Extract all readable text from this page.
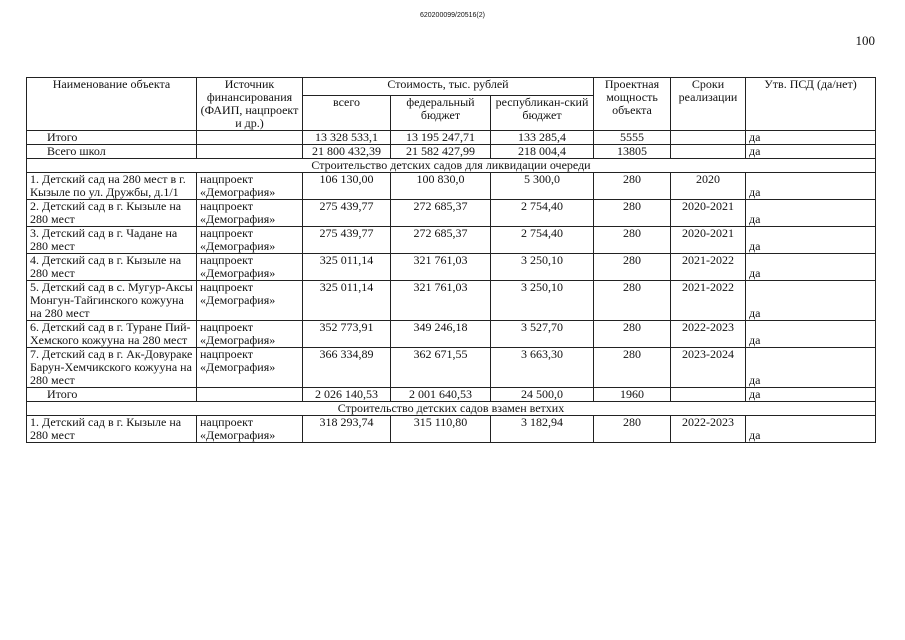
620200099/20516(2)
100
Наименование объекта	Источник финансирования (ФАИП, нацпроект и др.)	Стоимость, тыс. рублей			Проектная мощность объекта	Сроки реализации	Утв. ПСД (да/нет)
		всего	федеральный бюджет	республикан-ский бюджет			
Итого		13 328 533,1	13 195 247,71	133 285,4	5555		да
Всего школ		21 800 432,39	21 582 427,99	218 004,4	13805		да
Строительство детских садов для ликвидации очереди							
1. Детский сад на 280 мест в г. Кызыле по ул. Дружбы, д.1/1	нацпроект «Демография»	106 130,00	100 830,0	5 300,0	280	2020	да
2. Детский сад в г. Кызыле на 280 мест	нацпроект «Демография»	275 439,77	272 685,37	2 754,40	280	2020-2021	да
3. Детский сад в г. Чадане на 280 мест	нацпроект «Демография»	275 439,77	272 685,37	2 754,40	280	2020-2021	да
4. Детский сад в г. Кызыле на 280 мест	нацпроект «Демография»	325 011,14	321 761,03	3 250,10	280	2021-2022	да
5. Детский сад в с. Мугур-Аксы Монгун-Тайгинского кожууна на 280 мест	нацпроект «Демография»	325 011,14	321 761,03	3 250,10	280	2021-2022	да
6. Детский сад в г. Туране Пий-Хемского кожууна на 280 мест	нацпроект «Демография»	352 773,91	349 246,18	3 527,70	280	2022-2023	да
7. Детский сад в г. Ак-Довураке Барун-Хемчикского кожууна на 280 мест	нацпроект «Демография»	366 334,89	362 671,55	3 663,30	280	2023-2024	да
Итого		2 026 140,53	2 001 640,53	24 500,0	1960		да
Строительство детских садов взамен ветхих							
1. Детский сад в г. Кызыле на 280 мест	нацпроект «Демография»	318 293,74	315 110,80	3 182,94	280	2022-2023	да
